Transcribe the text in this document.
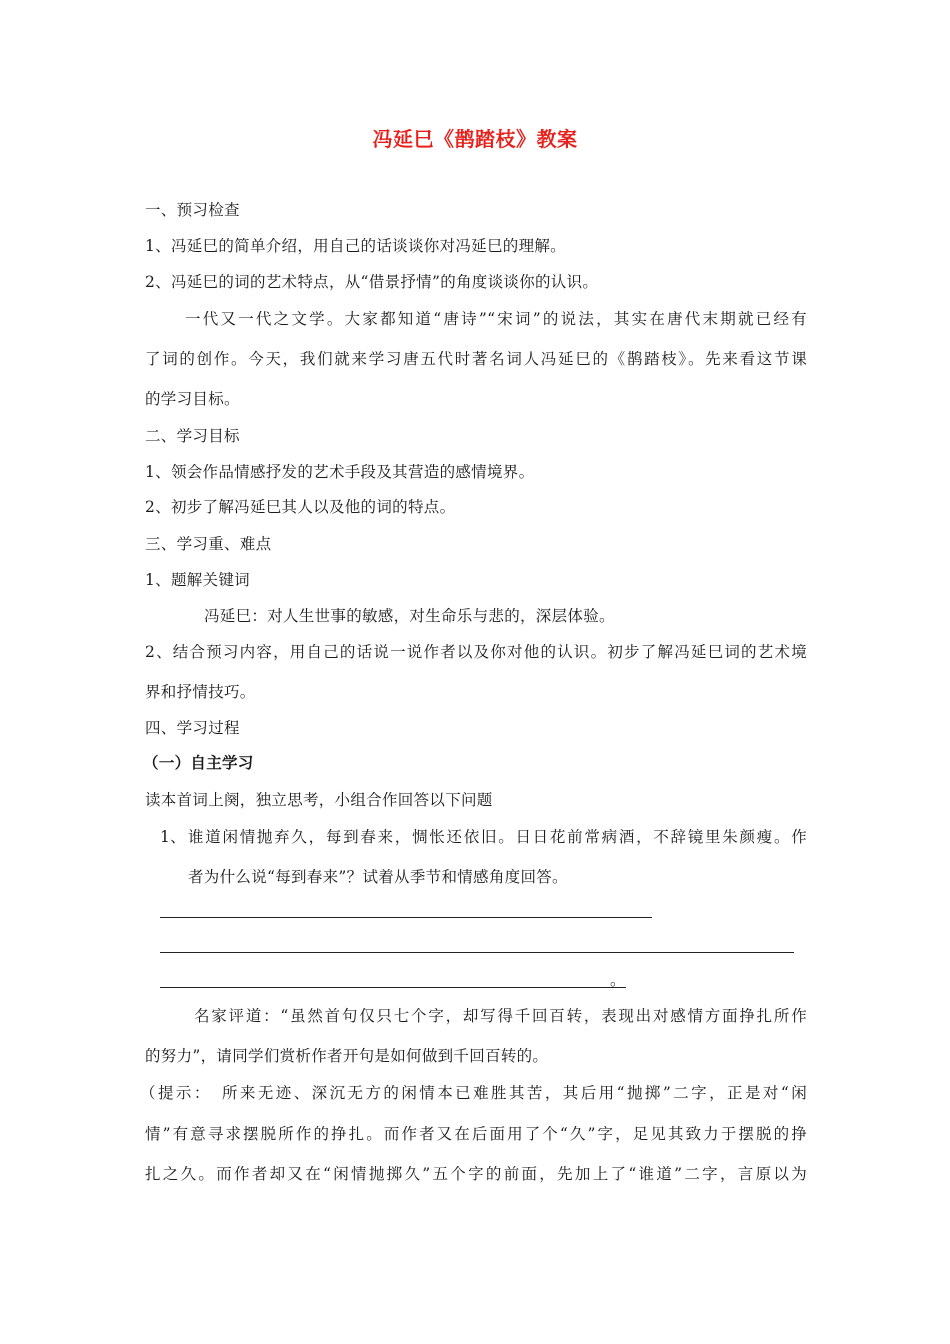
冯延巳《鹊踏枝》教案
一、预习检查
1、冯延巳的简单介绍，用自己的话谈谈你对冯延巳的理解。
2、冯延巳的词的艺术特点，从“借景抒情”的角度谈谈你的认识。
一代又一代之文学。大家都知道“唐诗”“宋词”的说法，其实在唐代末期就已经有
了词的创作。今天，我们就来学习唐五代时著名词人冯延巳的《鹊踏枝》。先来看这节课
的学习目标。
二、学习目标
1、领会作品情感抒发的艺术手段及其营造的感情境界。
2、初步了解冯延巳其人以及他的词的特点。
三、学习重、难点
1、题解关键词
冯延巳：对人生世事的敏感，对生命乐与悲的，深层体验。
2、结合预习内容，用自己的话说一说作者以及你对他的认识。初步了解冯延巳词的艺术境
界和抒情技巧。
四、学习过程
（一）自主学习
读本首词上阕，独立思考，小组合作回答以下问题
1、 谁道闲情抛弃久，每到春来，惆怅还依旧。日日花前常病酒，不辞镜里朱颜瘦。作
者为什么说“每到春来”？试着从季节和情感角度回答。
。
名家评道：“虽然首句仅只七个字，却写得千回百转，表现出对感情方面挣扎所作
的努力”，请同学们赏析作者开句是如何做到千回百转的。
（提示：　所来无迹、深沉无方的闲情本已难胜其苦，其后用“抛掷”二字，正是对“闲
情”有意寻求摆脱所作的挣扎。而作者又在后面用了个“久”字，足见其致力于摆脱的挣
扎之久。而作者却又在“闲情抛掷久”五个字的前面，先加上了“谁道”二字，言原以为
